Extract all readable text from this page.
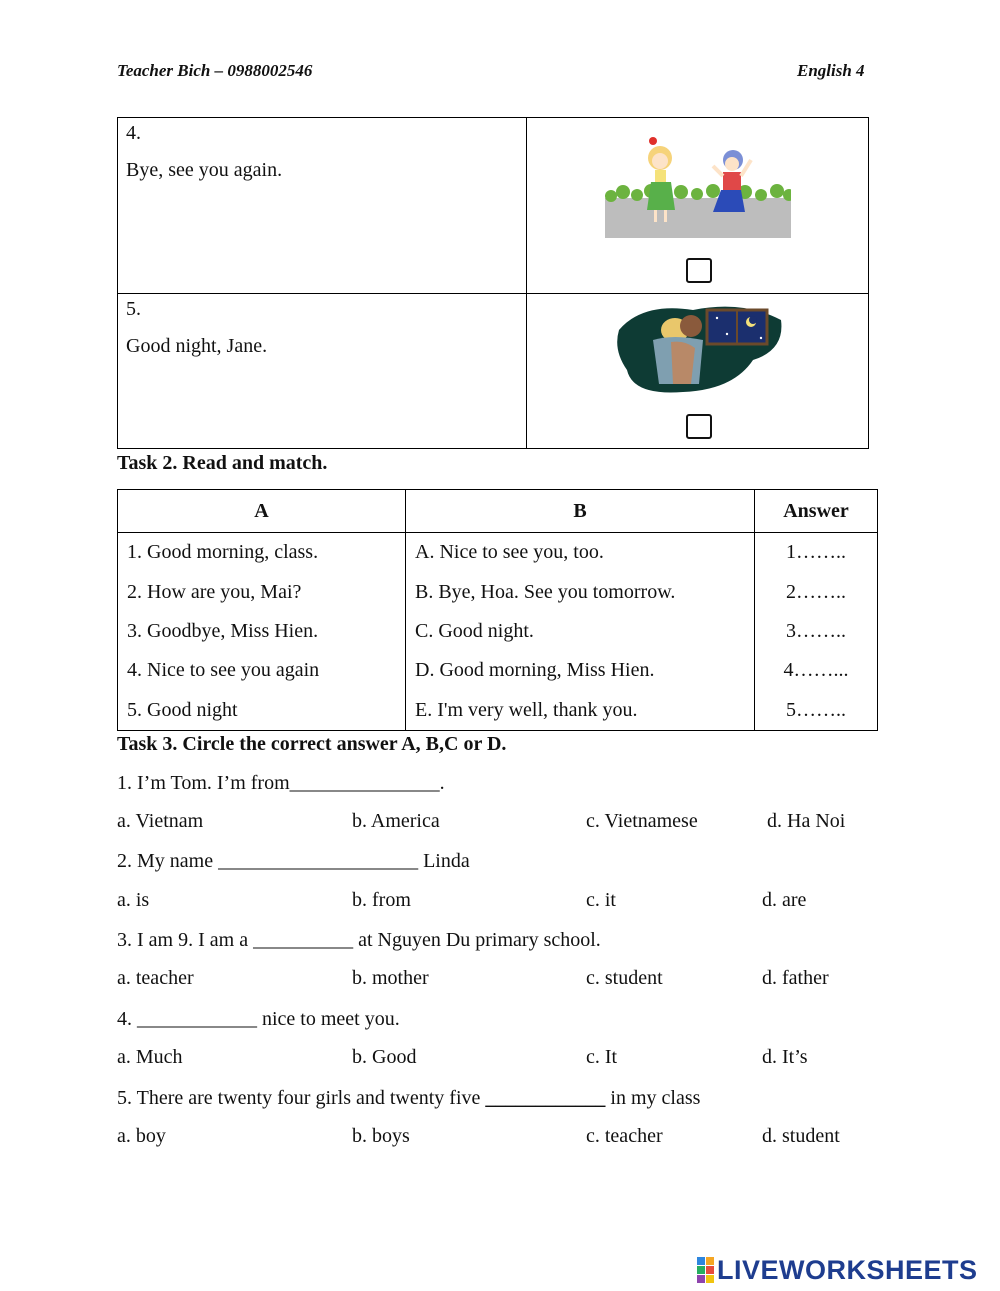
Teacher Bich – 0988002546	English 4
4.
Bye, see you again.

5.
Good night, Jane.

Task 2. Read and match.
A	B	Answer
1. Good morning, class.	A. Nice to see you, too.	1……..
2. How are you, Mai?	B. Bye, Hoa. See you tomorrow.	2……..
3. Goodbye, Miss Hien.	C. Good night.	3……..
4. Nice to see you again	D. Good morning, Miss Hien.	4……...
5. Good night	E. I'm very well, thank you.	5……..
Task 3. Circle the correct answer A, B,C or D.
1. I’m Tom. I’m from_______________.
a. Vietnam	b. America	c. Vietnamese	d. Ha Noi
2. My name ____________________ Linda
a. is	b. from	c. it	d. are
3. I am 9. I am a __________ at Nguyen Du primary school.
a. teacher	b. mother	c. student	d. father
4. ____________ nice to meet you.
a. Much	b. Good	c. It	d. It’s
5. There are twenty four girls and twenty five ____________ in my class
a. boy	b. boys	c. teacher	d. student
LIVEWORKSHEETS
